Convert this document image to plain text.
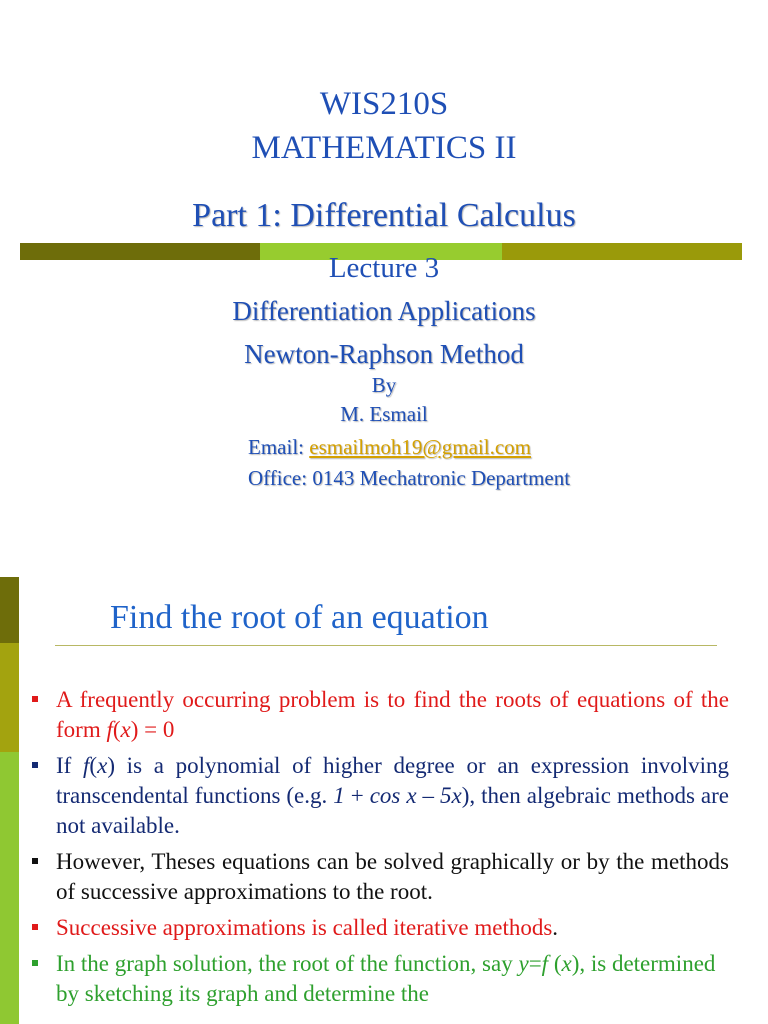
WIS210S
MATHEMATICS II
Part 1: Differential Calculus
Lecture 3
Differentiation Applications
Newton-Raphson Method
By
M. Esmail
Email: esmailmoh19@gmail.com
Office: 0143 Mechatronic Department
Find the root of an equation
A frequently occurring problem is to find the roots of equations of the form f(x) = 0
If f(x) is a polynomial of higher degree or an expression involving transcendental functions (e.g. 1 + cos x – 5x), then algebraic methods are not available.
However, Theses equations can be solved graphically or by the methods of successive approximations to the root.
Successive approximations is called iterative methods.
In the graph solution, the root of the function, say y=f (x), is determined by sketching its graph and determine the
